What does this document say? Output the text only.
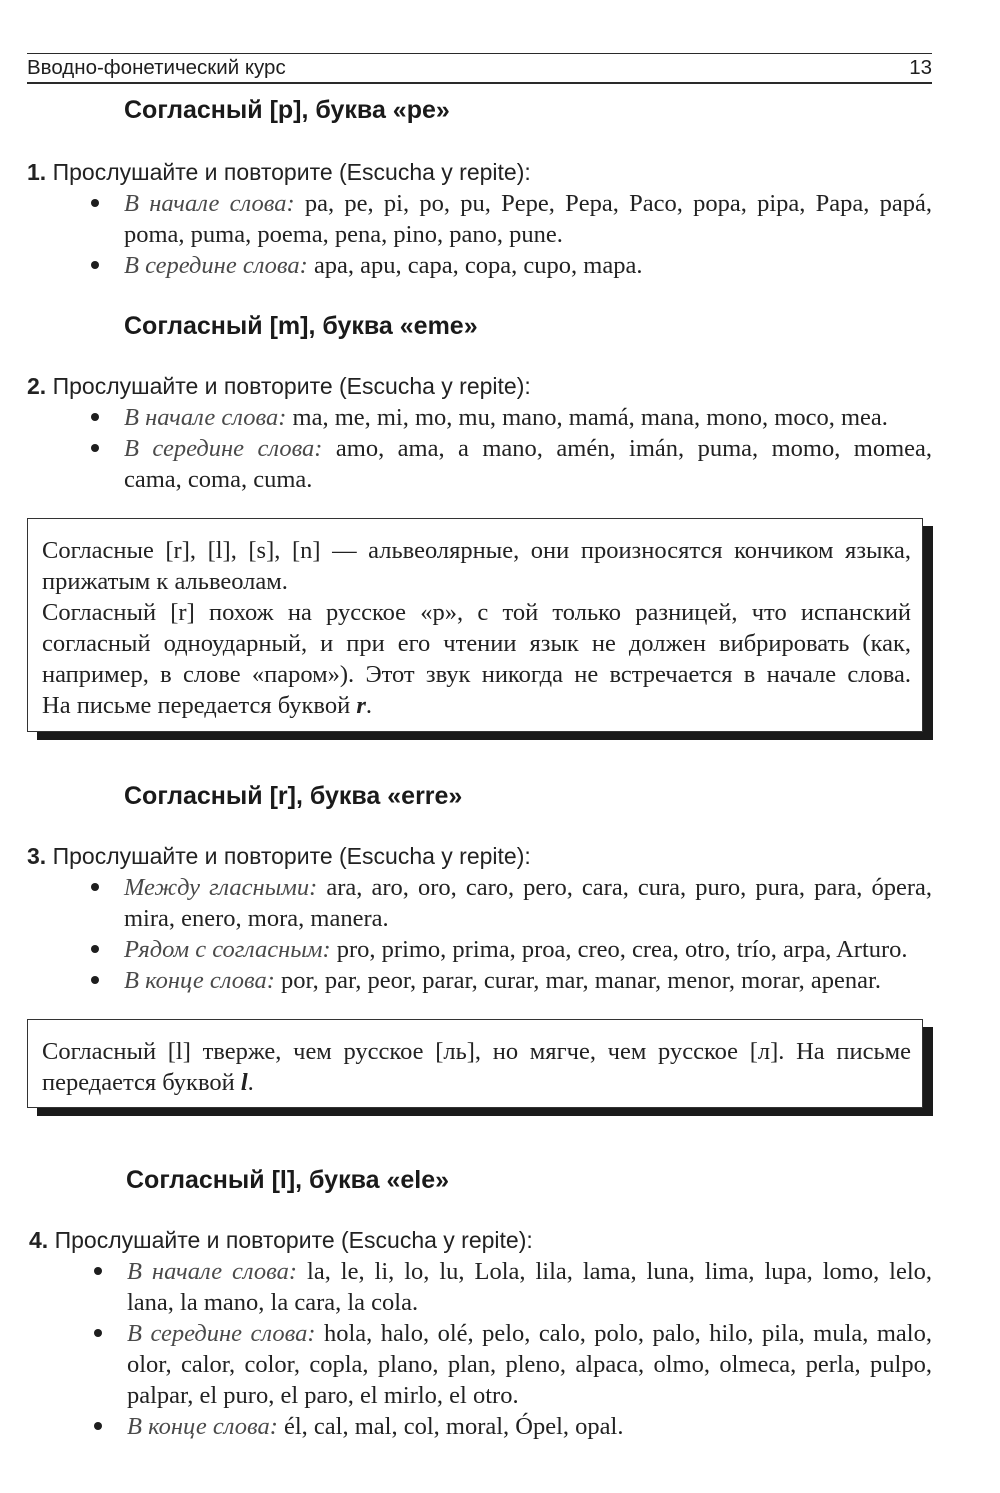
Вводно-фонетический курс	13
Согласный [p], буква «pe»
1. Прослушайте и повторите (Escucha y repite):
В начале слова: pa, pe, pi, po, pu, Pepe, Pepa, Paco, popa, pipa, Papa, papá,
poma, puma, poema, pena, pino, pano, pune.
В середине слова: apa, apu, capa, copa, cupo, mapa.
Согласный [m], буква «eme»
2. Прослушайте и повторите (Escucha y repite):
В начале слова: ma, me, mi, mo, mu, mano, mamá, mana, mono, moco, mea.
В середине слова: amo, ama, a mano, amén, imán, puma, momo, momea,
cama, coma, cuma.
Согласные [r], [l], [s], [n] — альвеолярные, они произносятся кончиком языка,
прижатым к альвеолам.
Согласный [r] похож на русское «р», с той только разницей, что испанский
согласный одноударный, и при его чтении язык не должен вибрировать (как,
например, в слове «паром»). Этот звук никогда не встречается в начале слова.
На письме передается буквой r.
Согласный [r], буква «erre»
3. Прослушайте и повторите (Escucha y repite):
Между гласными: ara, aro, oro, caro, pero, cara, cura, puro, pura, para, ópera,
mira, enero, mora, manera.
Рядом с согласным: pro, primo, prima, proa, creo, crea, otro, trío, arpa, Arturo.
В конце слова: por, par, peor, parar, curar, mar, manar, menor, morar, apenar.
Согласный [l] тверже, чем русское [ль], но мягче, чем русское [л]. На письме
передается буквой l.
Согласный [l], буква «ele»
4. Прослушайте и повторите (Escucha y repite):
В начале слова: la, le, li, lo, lu, Lola, lila, lama, luna, lima, lupa, lomo, lelo,
lana, la mano, la cara, la cola.
В середине слова: hola, halo, olé, pelo, calo, polo, palo, hilo, pila, mula, malo,
olor, calor, color, copla, plano, plan, pleno, alpaca, olmo, olmeca, perla, pulpo,
palpar, el puro, el paro, el mirlo, el otro.
В конце слова: él, cal, mal, col, moral, Ópel, opal.
